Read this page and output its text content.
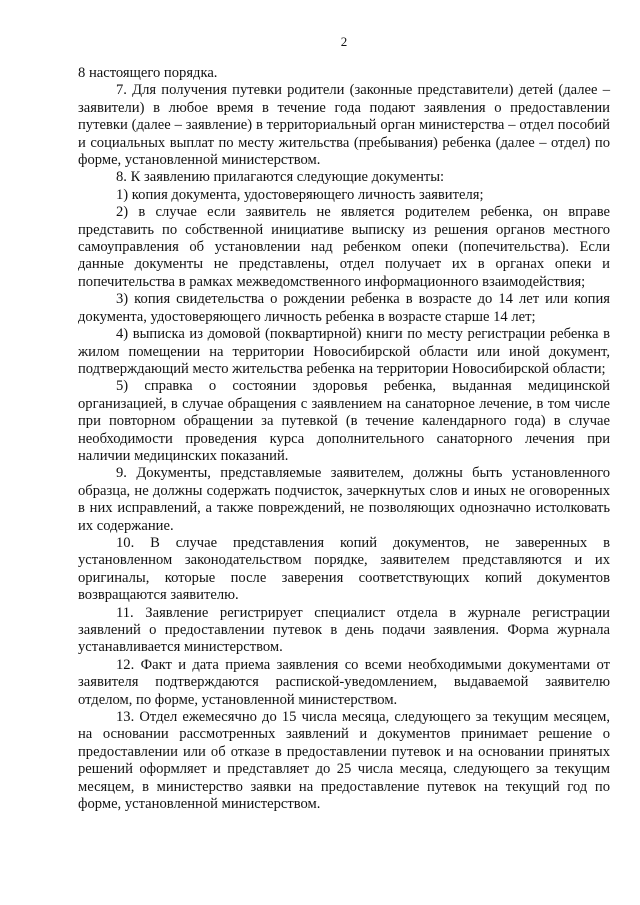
2

8 настоящего порядка.

7. Для получения путевки родители (законные представители) детей (далее – заявители) в любое время в течение года подают заявления о предоставлении путевки (далее – заявление) в территориальный орган министерства – отдел пособий и социальных выплат по месту жительства (пребывания) ребенка (далее – отдел) по форме, установленной министерством.

8. К заявлению прилагаются следующие документы:

1) копия документа, удостоверяющего личность заявителя;

2) в случае если заявитель не является родителем ребенка, он вправе представить по собственной инициативе выписку из решения органов местного самоуправления об установлении над ребенком опеки (попечительства). Если данные документы не представлены, отдел получает их в органах опеки и попечительства в рамках межведомственного информационного взаимодействия;

3) копия свидетельства о рождении ребенка в возрасте до 14 лет или копия документа, удостоверяющего личность ребенка в возрасте старше 14 лет;

4) выписка из домовой (поквартирной) книги по месту регистрации ребенка в жилом помещении на территории Новосибирской области или иной документ, подтверждающий место жительства ребенка на территории Новосибирской области;

5) справка о состоянии здоровья ребенка, выданная медицинской организацией, в случае обращения с заявлением на санаторное лечение, в том числе при повторном обращении за путевкой (в течение календарного года) в случае необходимости проведения курса дополнительного санаторного лечения при наличии медицинских показаний.

9. Документы, представляемые заявителем, должны быть установленного образца, не должны содержать подчисток, зачеркнутых слов и иных не оговоренных в них исправлений, а также повреждений, не позволяющих однозначно истолковать их содержание.

10. В случае представления копий документов, не заверенных в установленном законодательством порядке, заявителем представляются и их оригиналы, которые после заверения соответствующих копий документов возвращаются заявителю.

11. Заявление регистрирует специалист отдела в журнале регистрации заявлений о предоставлении путевок в день подачи заявления. Форма журнала устанавливается министерством.

12. Факт и дата приема заявления со всеми необходимыми документами от заявителя подтверждаются распиской-уведомлением, выдаваемой заявителю отделом, по форме, установленной министерством.

13. Отдел ежемесячно до 15 числа месяца, следующего за текущим месяцем, на основании рассмотренных заявлений и документов принимает решение о предоставлении или об отказе в предоставлении путевок и на основании принятых решений оформляет и представляет до 25 числа месяца, следующего за текущим месяцем, в министерство заявки на предоставление путевок на текущий год по форме, установленной министерством.
